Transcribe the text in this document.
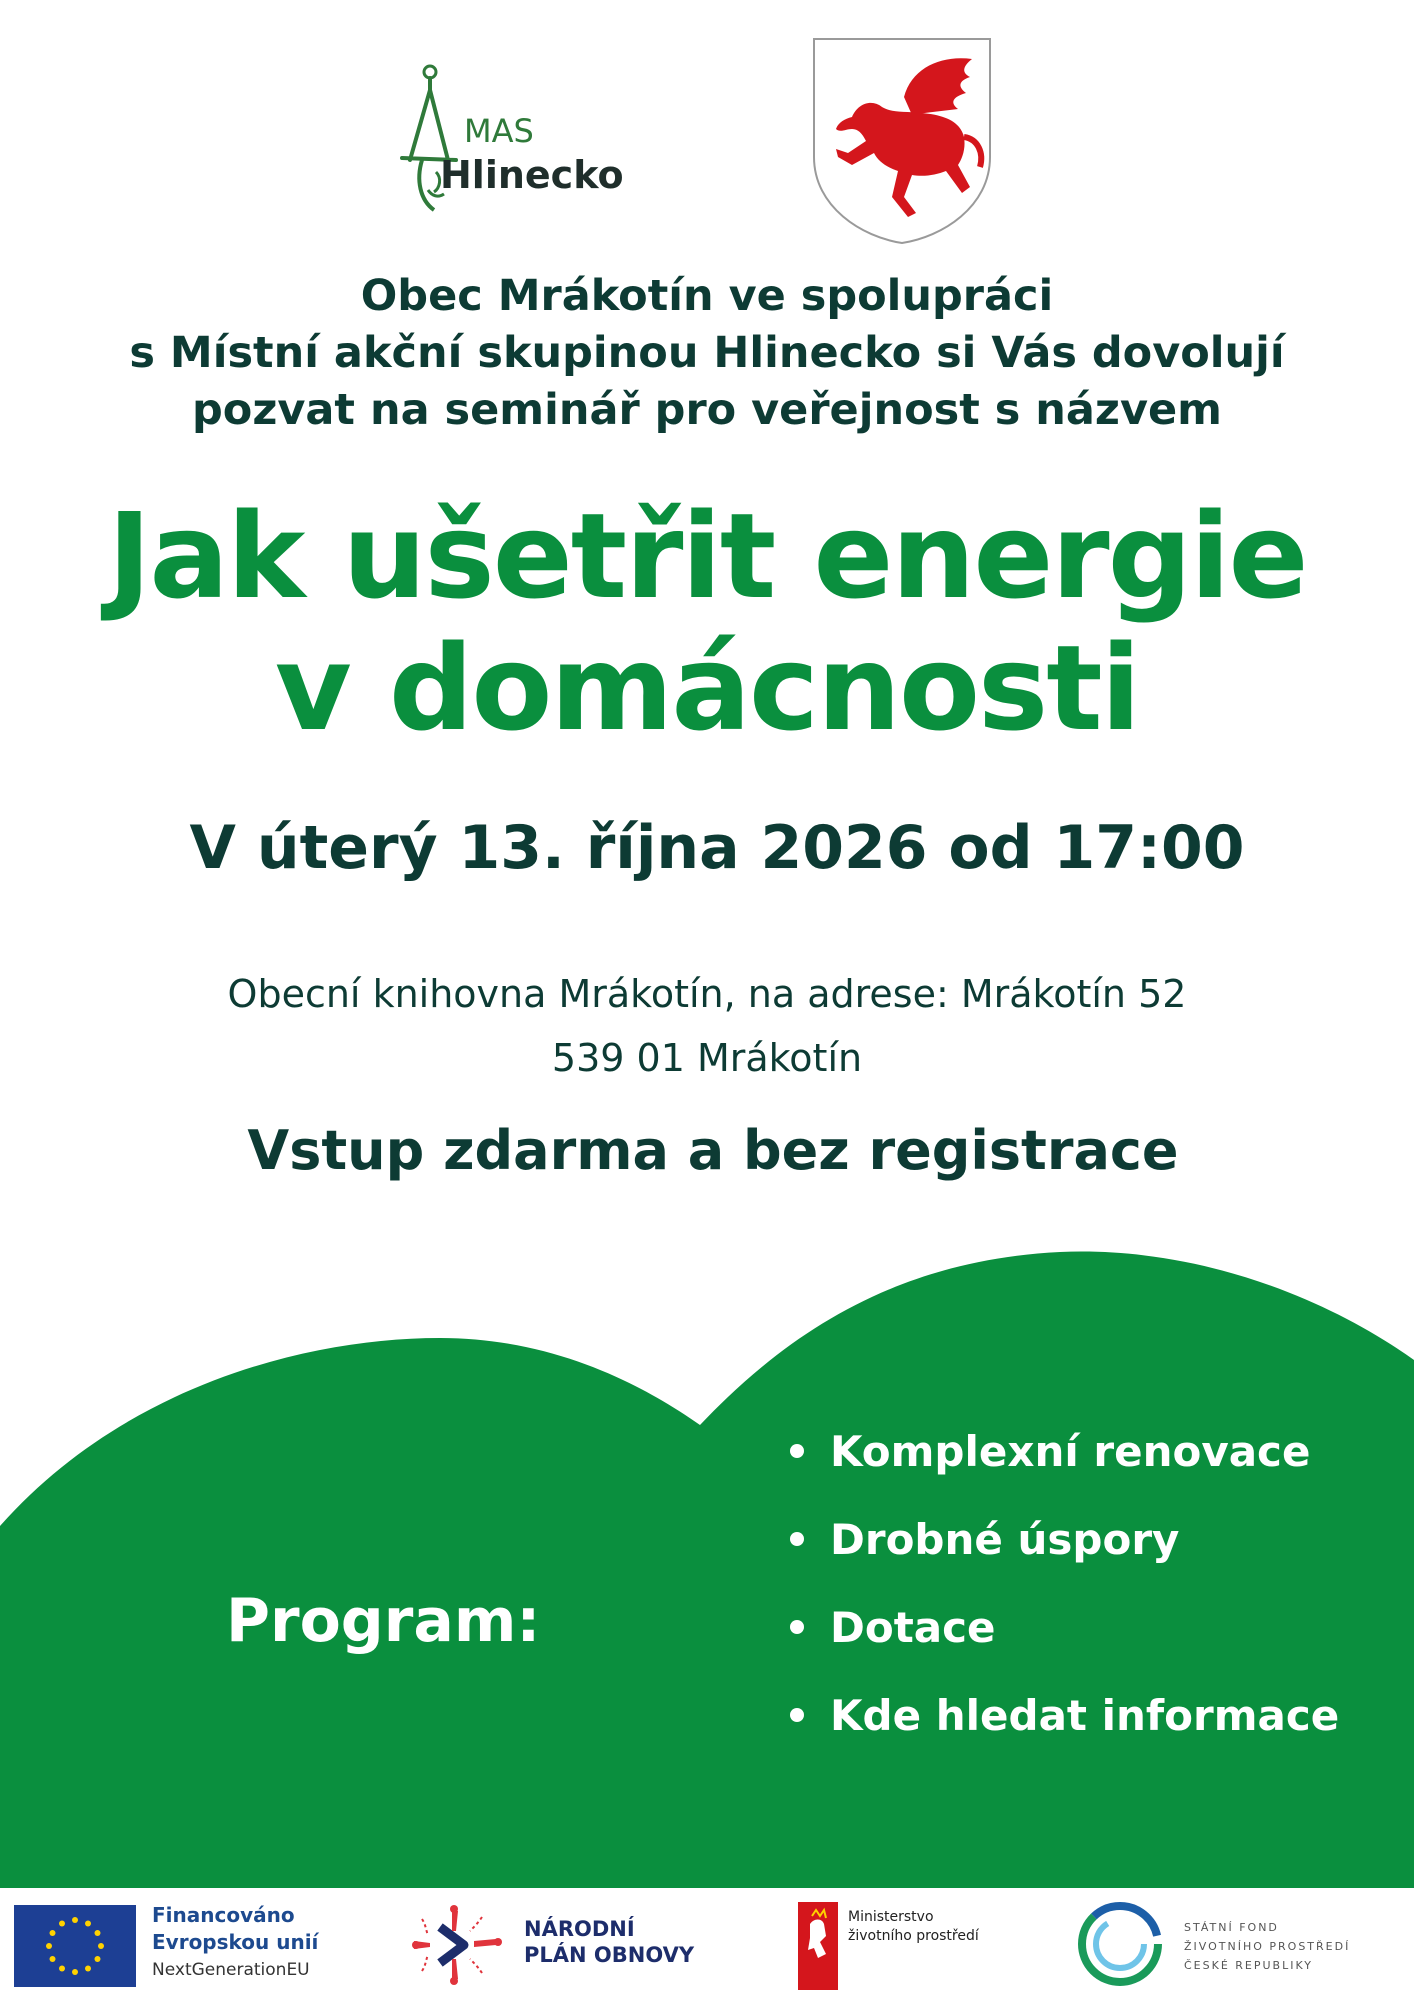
MAS
Hlinecko
Obec Mrákotín ve spolupráci
s Místní akční skupinou Hlinecko si Vás dovolují
pozvat na seminář pro veřejnost s názvem
Jak ušetřit energie
v domácnosti
V úterý 13. října 2026 od 17:00
Obecní knihovna Mrákotín, na adrese: Mrákotín 52
539 01 Mrákotín
Vstup zdarma a bez registrace
Program:
Komplexní renovace
Drobné úspory
Dotace
Kde hledat informace
Financováno
Evropskou unií
NextGenerationEU
NÁRODNÍ
PLÁN OBNOVY
Ministerstvo
životního prostředí
STÁTNÍ FOND
ŽIVOTNÍHO PROSTŘEDÍ
ČESKÉ REPUBLIKY
